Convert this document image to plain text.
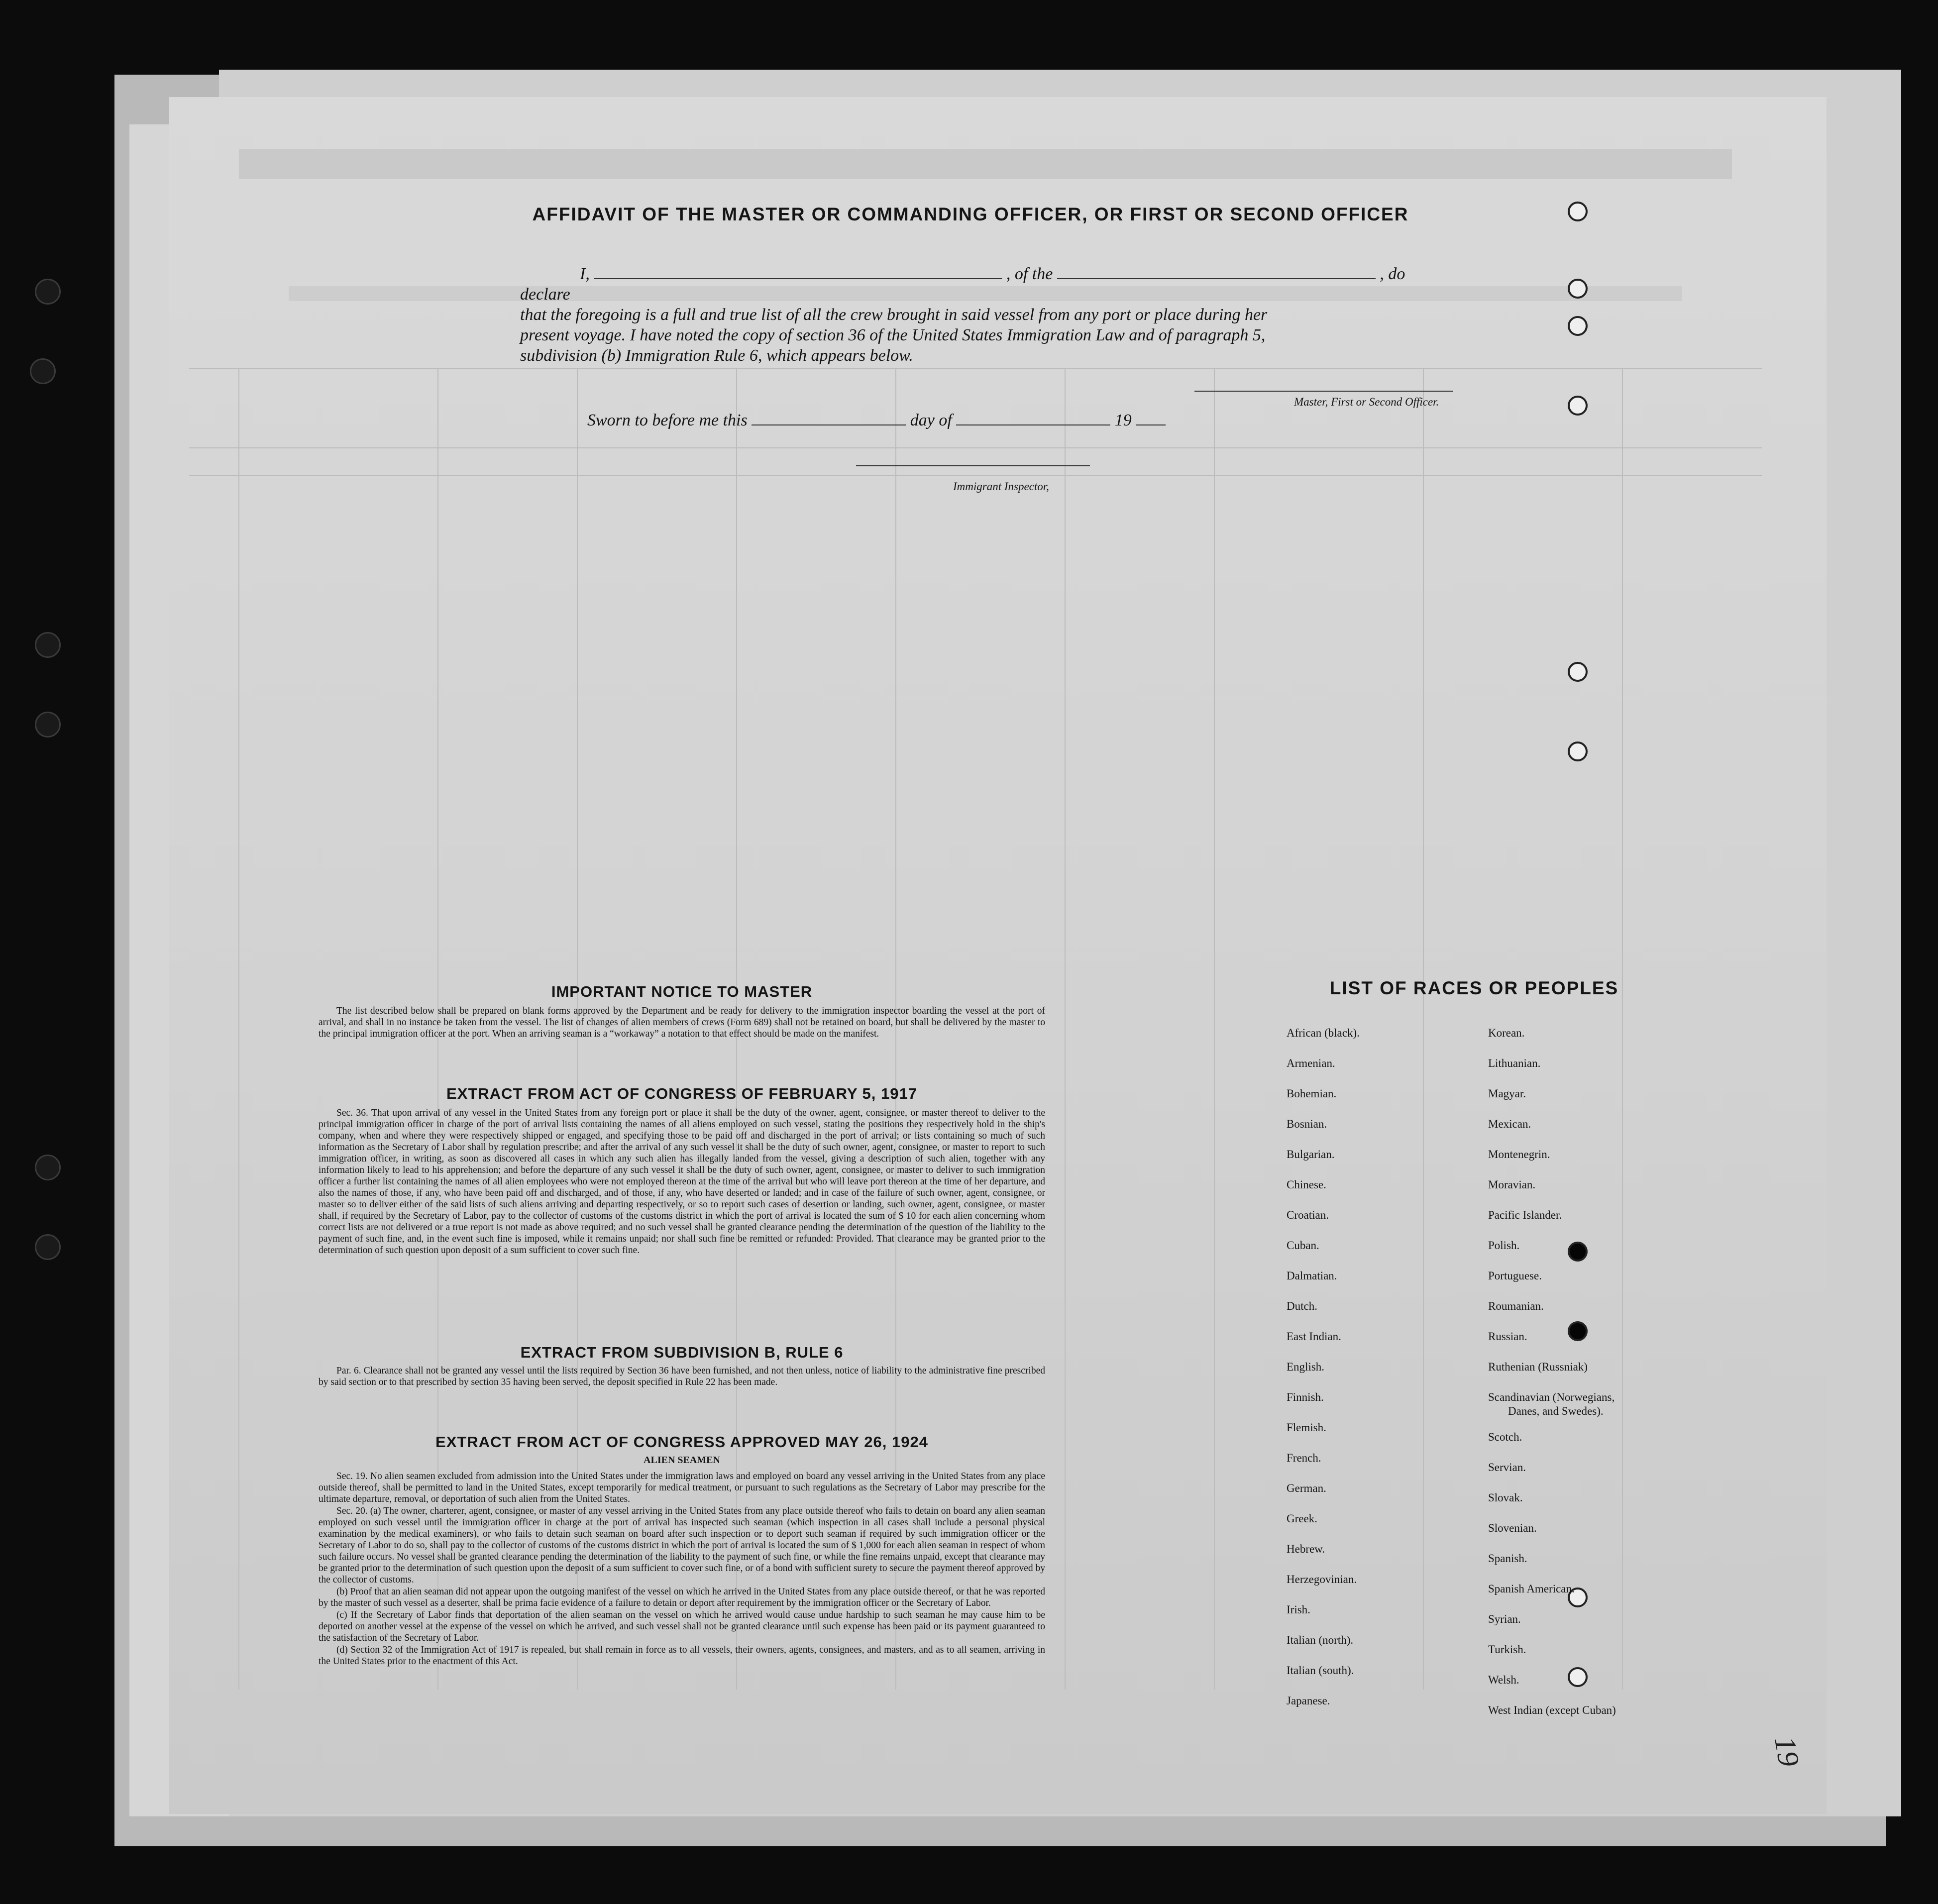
AFFIDAVIT OF THE MASTER OR COMMANDING OFFICER, OR FIRST OR SECOND OFFICER
I,	, of the	, do declare
that the foregoing is a full and true list of all the crew brought in said vessel from any port or place during her
present voyage. I have noted the copy of section 36 of the United States Immigration Law and of paragraph 5,
subdivision (b) Immigration Rule 6, which appears below.
Master, First or Second Officer.
Sworn to before me this	day of	19
Immigrant Inspector,
IMPORTANT NOTICE TO MASTER

The list described below shall be prepared on blank forms approved by the Department and be ready for delivery to the immigration inspector boarding the vessel at the port of arrival, and shall in no instance be taken from the vessel. The list of changes of alien members of crews (Form 689) shall not be retained on board, but shall be delivered by the master to the principal immigration officer at the port. When an arriving seaman is a “workaway” a notation to that effect should be made on the manifest.

EXTRACT FROM ACT OF CONGRESS OF FEBRUARY 5, 1917

Sec. 36. That upon arrival of any vessel in the United States from any foreign port or place it shall be the duty of the owner, agent, consignee, or master thereof to deliver to the principal immigration officer in charge of the port of arrival lists containing the names of all aliens employed on such vessel, stating the positions they respectively hold in the ship's company, when and where they were respectively shipped or engaged, and specifying those to be paid off and discharged in the port of arrival; or lists containing so much of such information as the Secretary of Labor shall by regulation prescribe; and after the arrival of any such vessel it shall be the duty of such owner, agent, consignee, or master to report to such immigration officer, in writing, as soon as discovered all cases in which any such alien has illegally landed from the vessel, giving a description of such alien, together with any information likely to lead to his apprehension; and before the departure of any such vessel it shall be the duty of such owner, agent, consignee, or master to deliver to such immigration officer a further list containing the names of all alien employees who were not employed thereon at the time of the arrival but who will leave port thereon at the time of her departure, and also the names of those, if any, who have been paid off and discharged, and of those, if any, who have deserted or landed; and in case of the failure of such owner, agent, consignee, or master so to deliver either of the said lists of such aliens arriving and departing respectively, or so to report such cases of desertion or landing, such owner, agent, consignee, or master shall, if required by the Secretary of Labor, pay to the collector of customs of the customs district in which the port of arrival is located the sum of $ 10 for each alien concerning whom correct lists are not delivered or a true report is not made as above required; and no such vessel shall be granted clearance pending the determination of the question of the liability to the payment of such fine, and, in the event such fine is imposed, while it remains unpaid; nor shall such fine be remitted or refunded: Provided. That clearance may be granted prior to the determination of such question upon deposit of a sum sufficient to cover such fine.

EXTRACT FROM SUBDIVISION B, RULE 6

Par. 6. Clearance shall not be granted any vessel until the lists required by Section 36 have been furnished, and not then unless, notice of liability to the administrative fine prescribed by said section or to that prescribed by section 35 having been served, the deposit specified in Rule 22 has been made.

EXTRACT FROM ACT OF CONGRESS APPROVED MAY 26, 1924
ALIEN SEAMEN

Sec. 19. No alien seamen excluded from admission into the United States under the immigration laws and employed on board any vessel arriving in the United States from any place outside thereof, shall be permitted to land in the United States, except temporarily for medical treatment, or pursuant to such regulations as the Secretary of Labor may prescribe for the ultimate departure, removal, or deportation of such alien from the United States.

Sec. 20. (a) The owner, charterer, agent, consignee, or master of any vessel arriving in the United States from any place outside thereof who fails to detain on board any alien seaman employed on such vessel until the immigration officer in charge at the port of arrival has inspected such seaman (which inspection in all cases shall include a personal physical examination by the medical examiners), or who fails to detain such seaman on board after such inspection or to deport such seaman if required by such immigration officer or the Secretary of Labor to do so, shall pay to the collector of customs of the customs district in which the port of arrival is located the sum of $ 1,000 for each alien seaman in respect of whom such failure occurs. No vessel shall be granted clearance pending the determination of the liability to the payment of such fine, or while the fine remains unpaid, except that clearance may be granted prior to the determination of such question upon the deposit of a sum sufficient to cover such fine, or of a bond with sufficient surety to secure the payment thereof approved by the collector of customs.

(b) Proof that an alien seaman did not appear upon the outgoing manifest of the vessel on which he arrived in the United States from any place outside thereof, or that he was reported by the master of such vessel as a deserter, shall be prima facie evidence of a failure to detain or deport after requirement by the immigration officer or the Secretary of Labor.

(c) If the Secretary of Labor finds that deportation of the alien seaman on the vessel on which he arrived would cause undue hardship to such seaman he may cause him to be deported on another vessel at the expense of the vessel on which he arrived, and such vessel shall not be granted clearance until such expense has been paid or its payment guaranteed to the satisfaction of the Secretary of Labor.

(d) Section 32 of the Immigration Act of 1917 is repealed, but shall remain in force as to all vessels, their owners, agents, consignees, and masters, and as to all seamen, arriving in the United States prior to the enactment of this Act.

LIST OF RACES OR PEOPLES
African (black).
Armenian.
Bohemian.
Bosnian.
Bulgarian.
Chinese.
Croatian.
Cuban.
Dalmatian.
Dutch.
East Indian.
English.
Finnish.
Flemish.
French.
German.
Greek.
Hebrew.
Herzegovinian.
Irish.
Italian (north).
Italian (south).
Japanese.
Korean.
Lithuanian.
Magyar.
Mexican.
Montenegrin.
Moravian.
Pacific Islander.
Polish.
Portuguese.
Roumanian.
Russian.
Ruthenian (Russniak)
Scandinavian (Norwegians,
Danes, and Swedes).
Scotch.
Servian.
Slovak.
Slovenian.
Spanish.
Spanish American.
Syrian.
Turkish.
Welsh.
West Indian (except Cuban)
19
